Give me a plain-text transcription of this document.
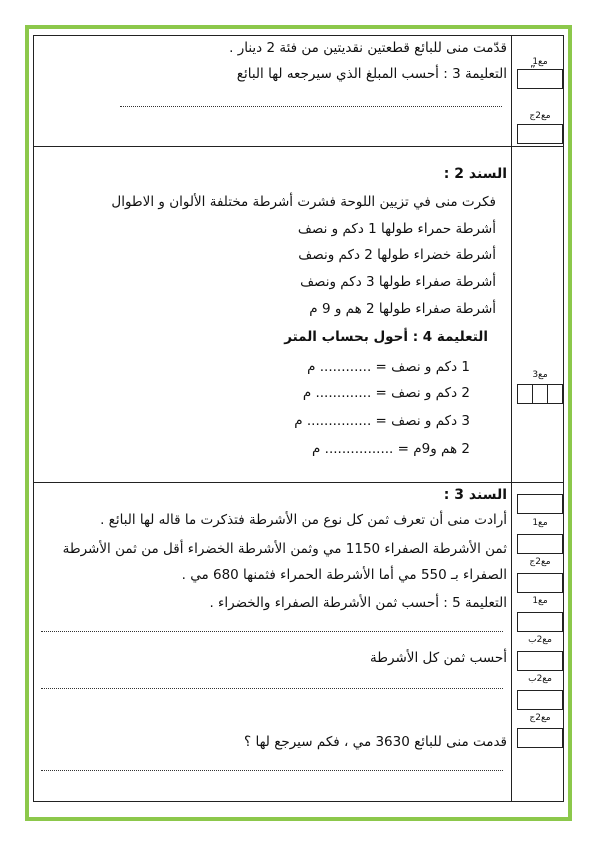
قدّمت منى للبائع قطعتين نقديتين من فئة 2 دينار .
التعليمة 3 : أحسب المبلغ الذي سيرجعه لها البائع
مع1
مع2ج
السند 2 :
فكرت منى في تزيين اللوحة فشرت أشرطة مختلفة الألوان و الاطوال
أشرطة حمراء طولها 1 دكم و نصف
أشرطة خضراء طولها 2 دكم ونصف
أشرطة صفراء طولها 3 دكم ونصف
أشرطة صفراء طولها 2 هم و 9 م
التعليمة 4 : أحول بحساب المتر
1 دكم و نصف = ............ م
2 دكم و نصف = ............. م
3 دكم و نصف = ............... م
2 هم و9م = ................ م
مع3
السند 3 :
أرادت منى أن تعرف ثمن كل نوع من الأشرطة فتذكرت ما قاله لها البائع .
ثمن الأشرطة الصفراء 1150 مي وثمن الأشرطة الخضراء أقل من ثمن الأشرطة
الصفراء بـ 550 مي أما الأشرطة الحمراء فثمنها 680 مي .
التعليمة 5 : أحسب ثمن الأشرطة الصفراء والخضراء .
أحسب ثمن كل الأشرطة
قدمت منى للبائع 3630 مي ، فكم سيرجع لها ؟
مع1
مع2ج
مع1
مع2ب
مع2ب
مع2ج
